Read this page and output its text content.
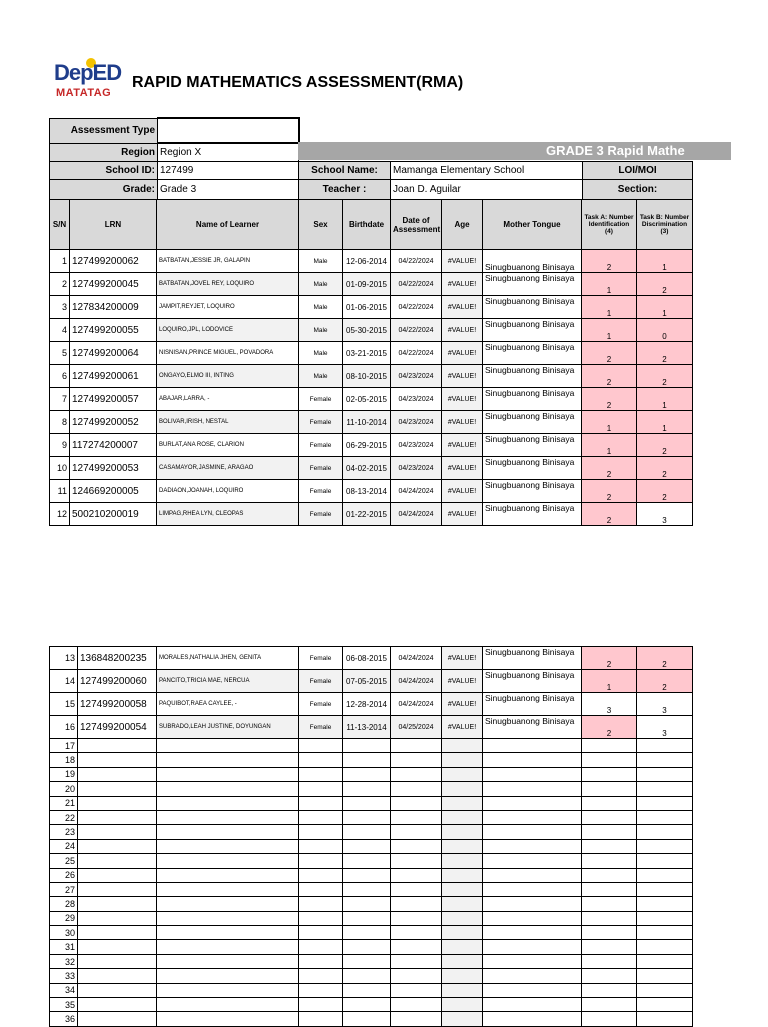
DepED
MATATAG
RAPID MATHEMATICS ASSESSMENT(RMA)
Assessment Type				
Region	Region X			
School ID:	127499	School Name:	Mamanga Elementary School	LOI/MOI
Grade:	Grade 3	Teacher :	Joan D. Aguilar	Section:
GRADE 3 Rapid Mathe
S/N	LRN	Name of Learner	Sex	Birthdate	Date of Assessment	Age	Mother Tongue	Task A: Number Identification (4)	Task B: Number Discrimination (3)
1	127499200062	BATBATAN,JESSIE JR, GALAPIN	Male	12-06-2014	04/22/2024	#VALUE!	Sinugbuanong Binisaya	2	1
2	127499200045	BATBATAN,JOVEL REY, LOQUIRO	Male	01-09-2015	04/22/2024	#VALUE!	Sinugbuanong Binisaya	1	2
3	127834200009	JAMPIT,REYJET, LOQUIRO	Male	01-06-2015	04/22/2024	#VALUE!	Sinugbuanong Binisaya	1	1
4	127499200055	LOQUIRO,JPL, LODOVICE	Male	05-30-2015	04/22/2024	#VALUE!	Sinugbuanong Binisaya	1	0
5	127499200064	NISNISAN,PRINCE MIGUEL, POVADORA	Male	03-21-2015	04/22/2024	#VALUE!	Sinugbuanong Binisaya	2	2
6	127499200061	ONGAYO,ELMO III, INTING	Male	08-10-2015	04/23/2024	#VALUE!	Sinugbuanong Binisaya	2	2
7	127499200057	ABAJAR,LARRA, -	Female	02-05-2015	04/23/2024	#VALUE!	Sinugbuanong Binisaya	2	1
8	127499200052	BOLIVAR,IRISH, NESTAL	Female	11-10-2014	04/23/2024	#VALUE!	Sinugbuanong Binisaya	1	1
9	117274200007	BURLAT,ANA ROSE, CLARION	Female	06-29-2015	04/23/2024	#VALUE!	Sinugbuanong Binisaya	1	2
10	127499200053	CASAMAYOR,JASMINE, ARAGAO	Female	04-02-2015	04/23/2024	#VALUE!	Sinugbuanong Binisaya	2	2
11	124669200005	DADIAON,JOANAH, LOQUIRO	Female	08-13-2014	04/24/2024	#VALUE!	Sinugbuanong Binisaya	2	2
12	500210200019	LIMPAG,RHEA LYN, CLEOPAS	Female	01-22-2015	04/24/2024	#VALUE!	Sinugbuanong Binisaya	2	3
13	136848200235	MORALES,NATHALIA JHEN, GENITA	Female	06-08-2015	04/24/2024	#VALUE!	Sinugbuanong Binisaya	2	2
14	127499200060	PANCITO,TRICIA MAE, NERCUA	Female	07-05-2015	04/24/2024	#VALUE!	Sinugbuanong Binisaya	1	2
15	127499200058	PAQUIBOT,RAEA CAYLEE, -	Female	12-28-2014	04/24/2024	#VALUE!	Sinugbuanong Binisaya	3	3
16	127499200054	SUBRADO,LEAH JUSTINE, DOYUNGAN	Female	11-13-2014	04/25/2024	#VALUE!	Sinugbuanong Binisaya	2	3
17									
18									
19									
20									
21									
22									
23									
24									
25									
26									
27									
28									
29									
30									
31									
32									
33									
34									
35									
36									
